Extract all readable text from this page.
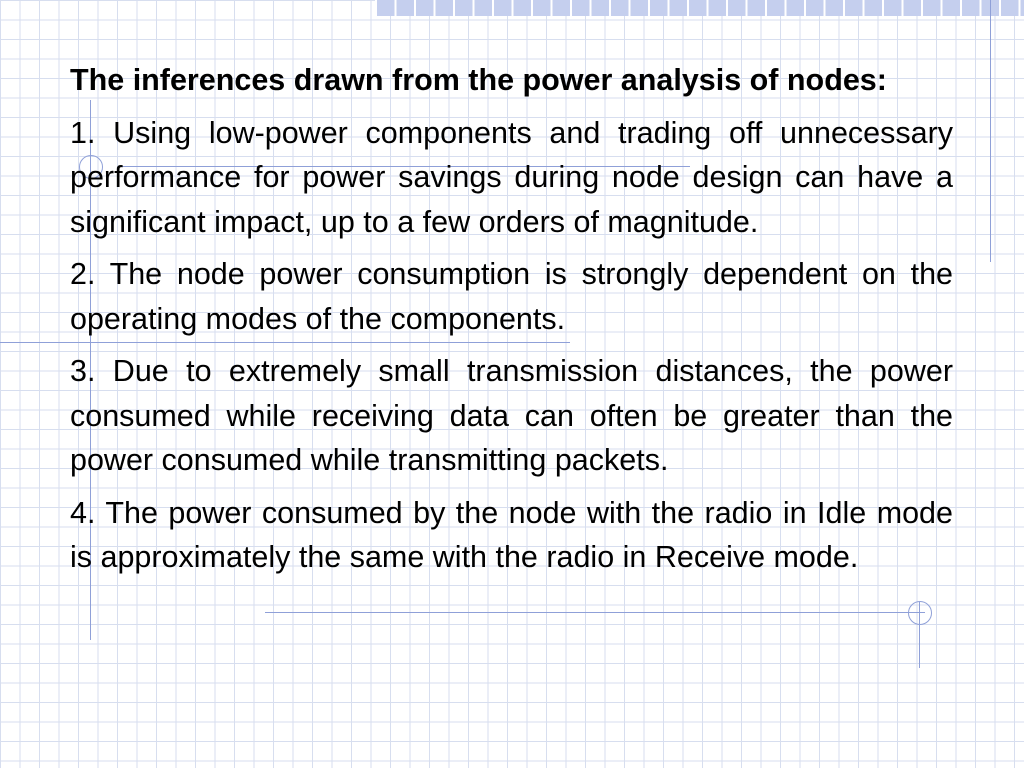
The inferences drawn from the power analysis of nodes:

1. Using low-power components and trading off unnecessary performance for power savings during node design can have a significant impact, up to a few orders of magnitude.

2. The node power consumption is strongly dependent on the operating modes of the components.

3. Due to extremely small transmission distances, the power consumed while receiving data can often be greater than the power consumed while transmitting packets.

4. The power consumed by the node with the radio in Idle mode is approximately the same with the radio in Receive mode.
